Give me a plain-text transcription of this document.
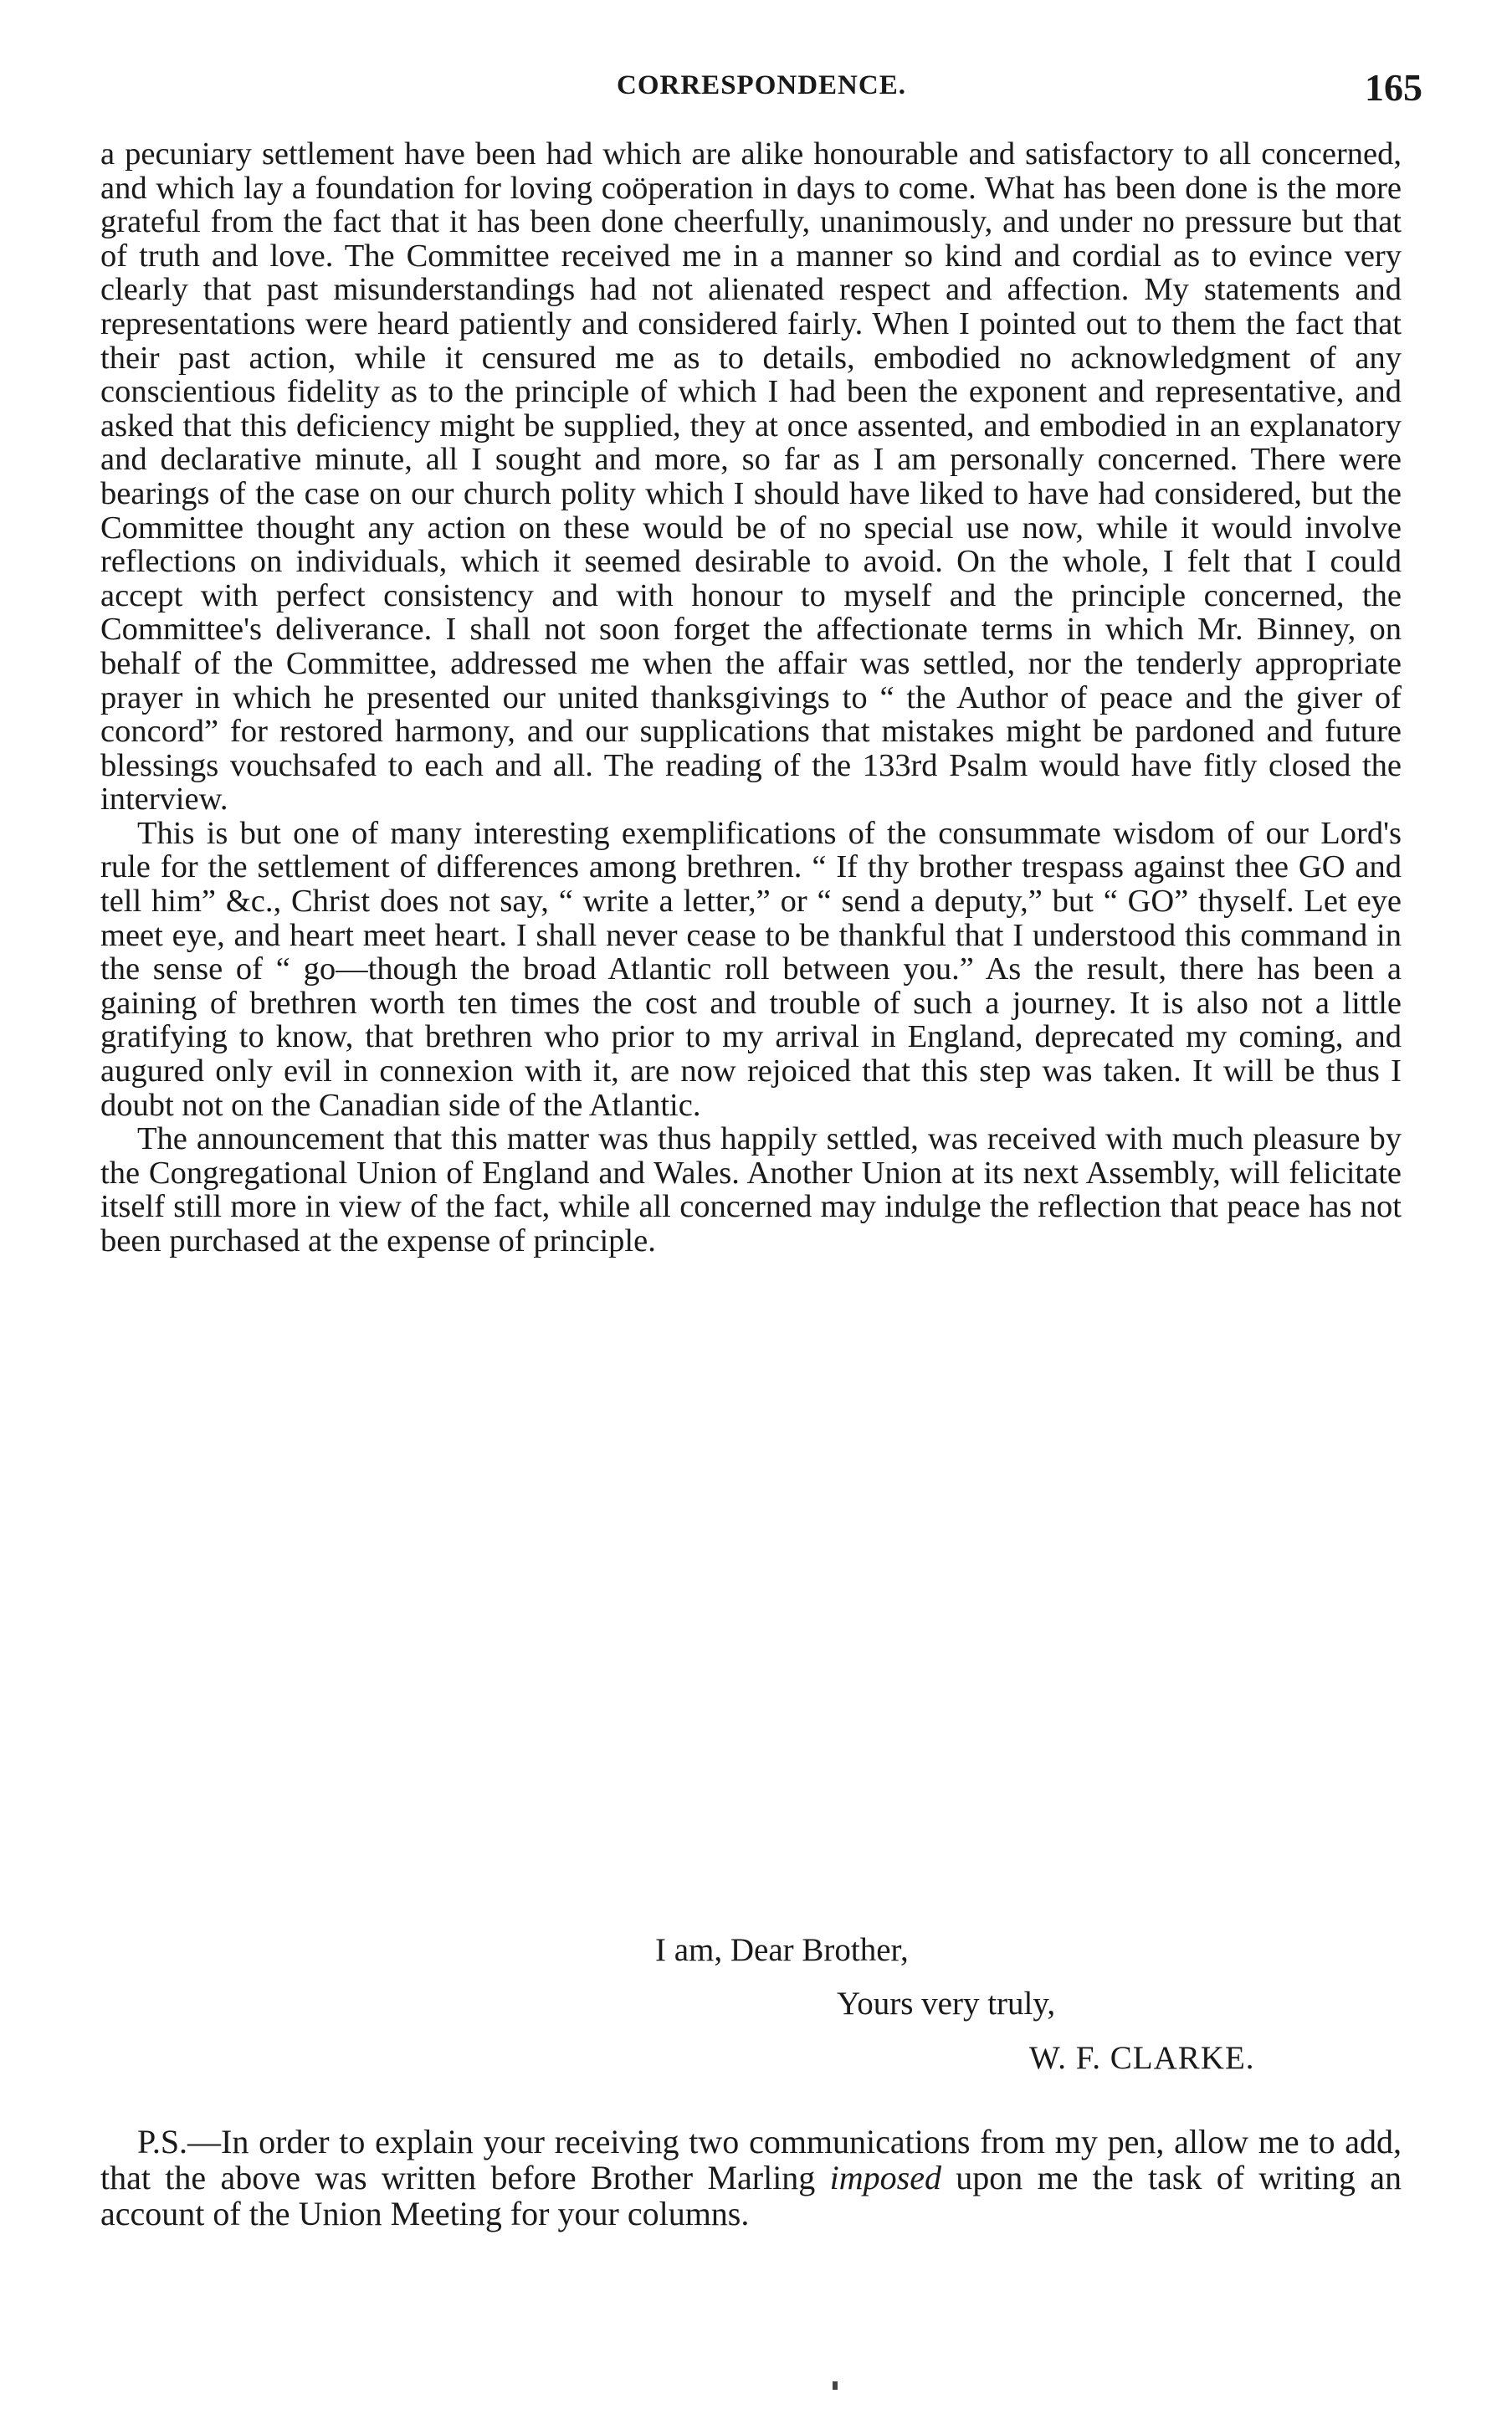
CORRESPONDENCE.	165

a pecuniary settlement have been had which are alike honourable and satisfactory to all concerned, and which lay a foundation for loving coöperation in days to come. What has been done is the more grateful from the fact that it has been done cheerfully, unanimously, and under no pressure but that of truth and love. The Committee received me in a manner so kind and cordial as to evince very clearly that past misunderstandings had not alienated respect and affection. My statements and representations were heard patiently and considered fairly. When I pointed out to them the fact that their past action, while it censured me as to details, embodied no acknowledgment of any conscientious fidelity as to the principle of which I had been the exponent and representative, and asked that this deficiency might be supplied, they at once assented, and embodied in an explanatory and declarative minute, all I sought and more, so far as I am personally concerned. There were bearings of the case on our church polity which I should have liked to have had considered, but the Committee thought any action on these would be of no special use now, while it would involve reflections on individuals, which it seemed desirable to avoid. On the whole, I felt that I could accept with perfect consistency and with honour to myself and the principle concerned, the Committee's deliverance. I shall not soon forget the affectionate terms in which Mr. Binney, on behalf of the Committee, addressed me when the affair was settled, nor the tenderly appropriate prayer in which he presented our united thanksgivings to “ the Author of peace and the giver of concord” for restored harmony, and our supplications that mistakes might be pardoned and future blessings vouchsafed to each and all. The reading of the 133rd Psalm would have fitly closed the interview.

This is but one of many interesting exemplifications of the consummate wisdom of our Lord's rule for the settlement of differences among brethren. “ If thy brother trespass against thee GO and tell him” &c., Christ does not say, “ write a letter,” or “ send a deputy,” but “ GO” thyself. Let eye meet eye, and heart meet heart. I shall never cease to be thankful that I understood this command in the sense of “ go—though the broad Atlantic roll between you.” As the result, there has been a gaining of brethren worth ten times the cost and trouble of such a journey. It is also not a little gratifying to know, that brethren who prior to my arrival in England, deprecated my coming, and augured only evil in connexion with it, are now rejoiced that this step was taken. It will be thus I doubt not on the Canadian side of the Atlantic.

The announcement that this matter was thus happily settled, was received with much pleasure by the Congregational Union of England and Wales. Another Union at its next Assembly, will felicitate itself still more in view of the fact, while all concerned may indulge the reflection that peace has not been purchased at the expense of principle.

I am, Dear Brother,
Yours very truly,
W. F. CLARKE.

P.S.—In order to explain your receiving two communications from my pen, allow me to add, that the above was written before Brother Marling imposed upon me the task of writing an account of the Union Meeting for your columns.
